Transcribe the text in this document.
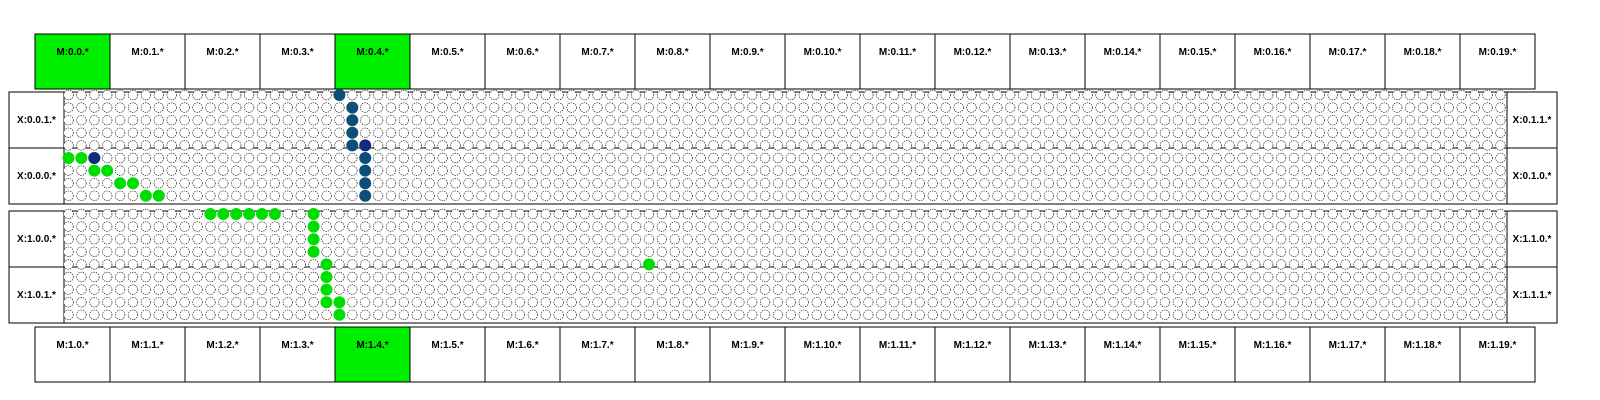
M:0.0.*	M:0.1.*	M:0.2.*	M:0.3.*	M:0.4.*	M:0.5.*	M:0.6.*	M:0.7.*	M:0.8.*	M:0.9.*	M:0.10.*	M:0.11.*	M:0.12.*	M:0.13.*	M:0.14.*	M:0.15.*	M:0.16.*	M:0.17.*	M:0.18.*	M:0.19.*
X:0.0.1.*	X:0.1.1.*
X:0.0.0.*	X:0.1.0.*
X:1.0.0.*	X:1.1.0.*
X:1.0.1.*	X:1.1.1.*
M:1.0.*	M:1.1.*	M:1.2.*	M:1.3.*	M:1.4.*	M:1.5.*	M:1.6.*	M:1.7.*	M:1.8.*	M:1.9.*	M:1.10.*	M:1.11.*	M:1.12.*	M:1.13.*	M:1.14.*	M:1.15.*	M:1.16.*	M:1.17.*	M:1.18.*	M:1.19.*
